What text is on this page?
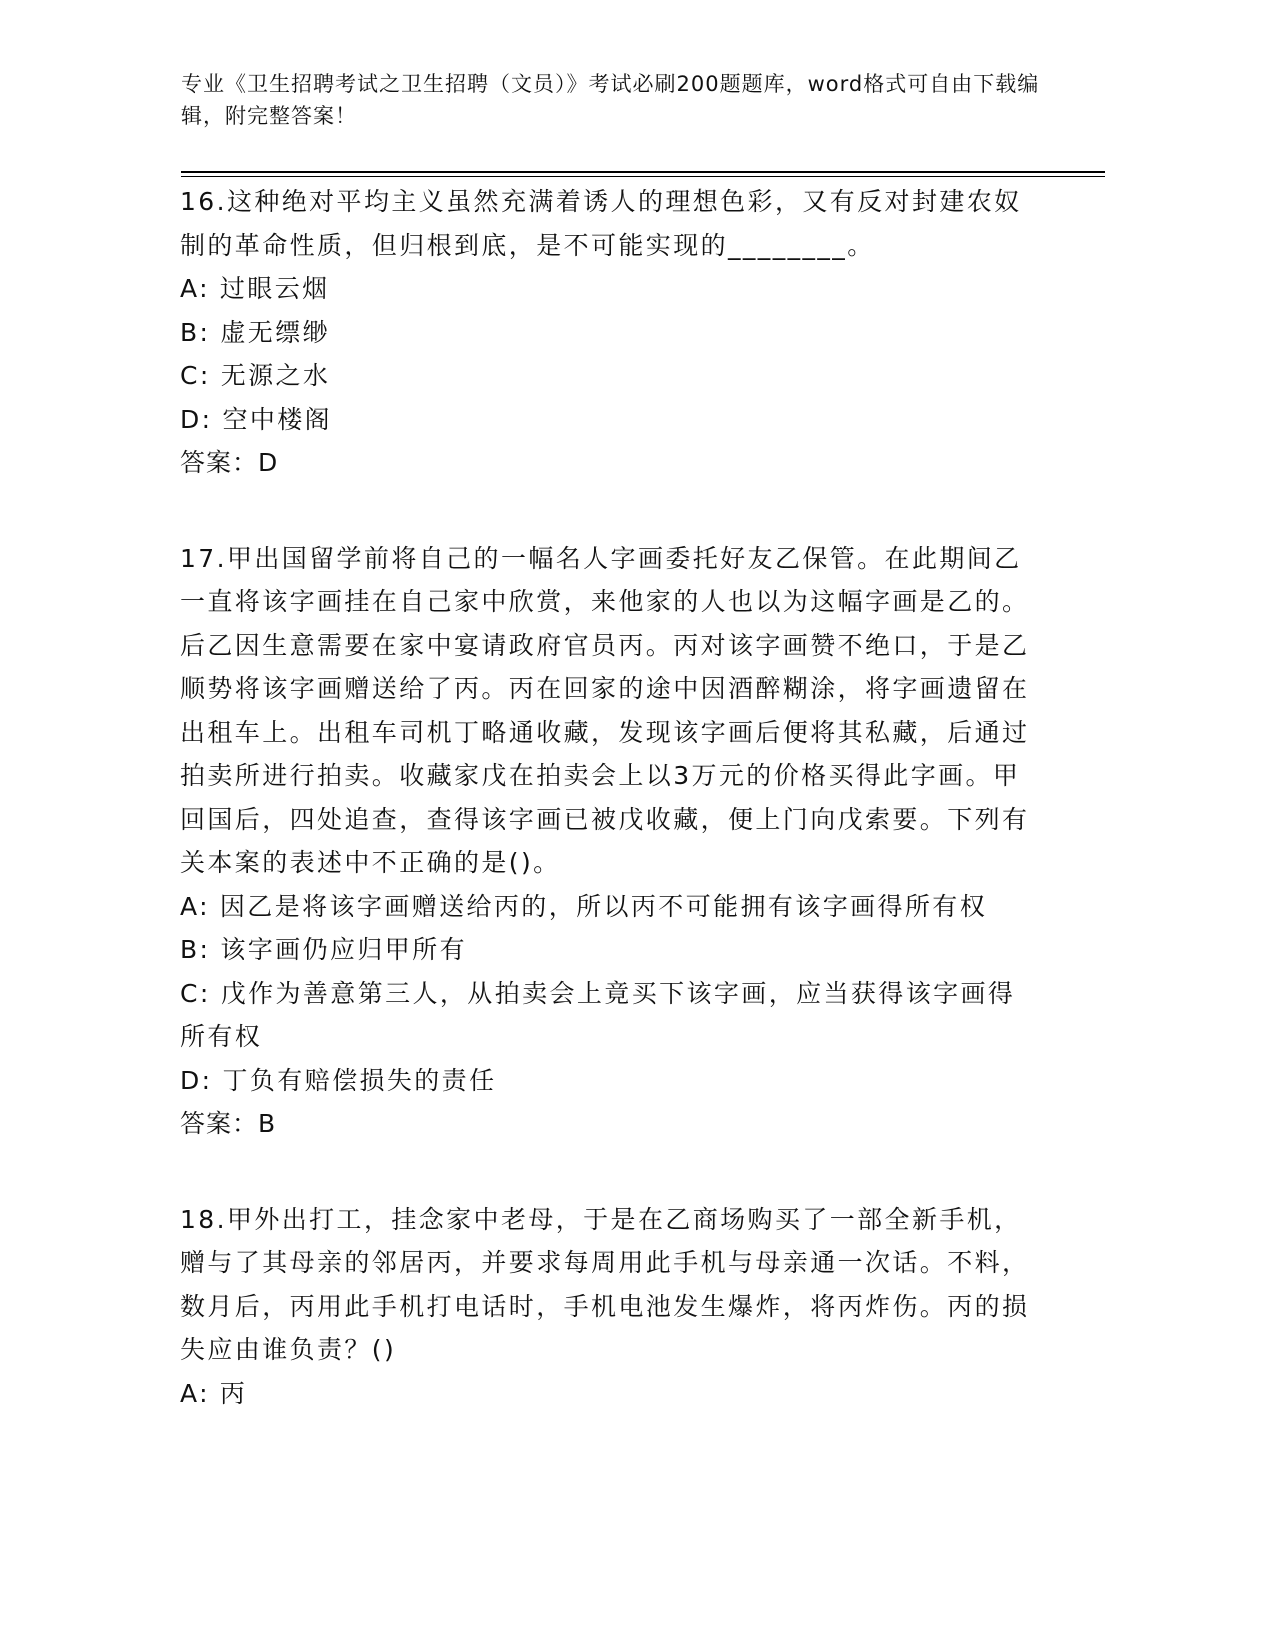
专业《卫生招聘考试之卫生招聘（文员）》考试必刷200题题库，word格式可自由下载编辑，附完整答案！
16.这种绝对平均主义虽然充满着诱人的理想色彩，又有反对封建农奴制的革命性质，但归根到底，是不可能实现的________。
A: 过眼云烟
B: 虚无缥缈
C: 无源之水
D: 空中楼阁
答案：D
17.甲出国留学前将自己的一幅名人字画委托好友乙保管。在此期间乙一直将该字画挂在自己家中欣赏，来他家的人也以为这幅字画是乙的。后乙因生意需要在家中宴请政府官员丙。丙对该字画赞不绝口，于是乙顺势将该字画赠送给了丙。丙在回家的途中因酒醉糊涂，将字画遗留在出租车上。出租车司机丁略通收藏，发现该字画后便将其私藏，后通过拍卖所进行拍卖。收藏家戊在拍卖会上以3万元的价格买得此字画。甲回国后，四处追查，查得该字画已被戊收藏，便上门向戊索要。下列有关本案的表述中不正确的是()。
A: 因乙是将该字画赠送给丙的，所以丙不可能拥有该字画得所有权
B: 该字画仍应归甲所有
C: 戊作为善意第三人，从拍卖会上竟买下该字画，应当获得该字画得所有权
D: 丁负有赔偿损失的责任
答案：B
18.甲外出打工，挂念家中老母，于是在乙商场购买了一部全新手机，赠与了其母亲的邻居丙，并要求每周用此手机与母亲通一次话。不料，数月后，丙用此手机打电话时，手机电池发生爆炸，将丙炸伤。丙的损失应由谁负责？()
A: 丙
